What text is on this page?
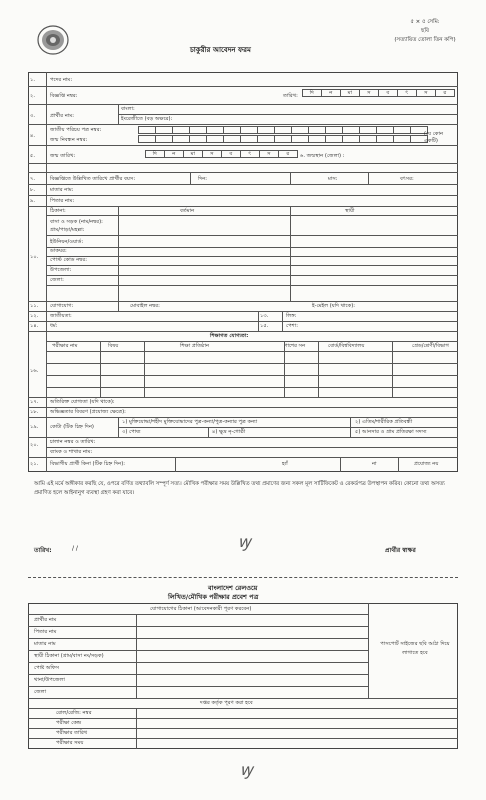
চাকুরীর আবেদন ফরম
৫ × ৫ সেমি:
ছবি
(সত্যায়িত তোলা তিন কপি)
১.	পদের নাম:
২.	বিজ্ঞপ্তি নম্বর:	তারিখ:	দি	ন	মা	স	ব	ৎ	স	র
৩.	প্রার্থীর নাম:
বাংলা:
ইংরেজীতে (বড় অক্ষরে):
৪.
জাতীয় পরিচয় পত্র নম্বর:
জন্ম নিবন্ধন নম্বর:
(যে কোন একটি)
৫.	জন্ম তারিখ:	দি	ন	মা	স	ব	ৎ	স	র	৬. জন্মস্থান (জেলা) :
৭.	বিজ্ঞপ্তিতে উল্লিখিত তারিখে প্রার্থীর বয়স:	দিন:	মাস:	বৎসর:
৮.	মাতার নাম:
৯.	পিতার নাম:
১০.
ঠিকানা:	বর্তমান	স্থায়ী
বাসা ও সড়ক (নাম/নম্বর):
গ্রাম/পাড়া/মহল্লা:
ইউনিয়ন/ওয়ার্ড:
ডাকঘর:
পোস্ট কোড নম্বর:
উপজেলা:
জেলা:
১১.	যোগাযোগ:	মোবাইল নম্বর:	ই-মেইল (যদি থাকে):
১২.	জাতীয়তা:	১৩.	লিঙ্গ:
১৪.	ধর্ম:	১৫.	পেশা:
শিক্ষাগত যোগ্যতা:
১৬.
পরীক্ষার নাম	বিষয়	শিক্ষা প্রতিষ্ঠান	পাশের সন	বোর্ড/বিশ্ববিদ্যালয়	গ্রেড/শ্রেণী/বিভাগ
১৭.	অতিরিক্ত যোগ্যতা (যদি থাকে):
১৮.	অভিজ্ঞতার বিবরণ (প্রযোজ্য ক্ষেত্রে):
১৯.	কোটা (টিক চিহ্ন দিন)
১) মুক্তিযোদ্ধা/শহীদ মুক্তিযোদ্ধাদের পুত্র-কন্যা/পুত্র-কন্যার পুত্র কন্যা	২) এতিম/শারীরিক প্রতিবন্ধী
৩) পোষ্য	৪) ক্ষুদ্র নৃ-গোষ্ঠী	৫) আনসার ও গ্রাম প্রতিরক্ষা সদস্য
২০.	চালান নম্বর ও তারিখ:
ব্যাংক ও শাখার নাম:
২১.	বিভাগীয় প্রার্থী কিনা (টিক চিহ্ন দিন):	হ্যাঁ	না	প্রযোজ্য নয়
আমি এই মর্মে অঙ্গীকার করছি যে, ওপরে বর্ণিত তথ্যাবলি সম্পূর্ণ সত্য। মৌখিক পরীক্ষার সময় উল্লিখিত তথ্য প্রমাণের জন্য সকল মূল সার্টিফিকেট ও রেকর্ডপত্র উপস্থাপন করিব। কোনো তথ্য অসত্য প্রমাণিত হলে আইনানুগ ব্যবস্থা গ্রহণ করা যাবে।
তারিখ:	/ /	ꝡ	প্রার্থীর স্বাক্ষর
বাংলাদেশ রেলওয়ে
লিখিত/মৌখিক পরীক্ষার প্রবেশ পত্র
যোগাযোগের ঠিকানা (আবেদনকারী পূরণ করবেন)
প্রার্থীর নাম
পিতার নাম
মাতার নাম
স্থায়ী ঠিকানা (গ্রাম/বাসা নং/সড়ক)
পোষ্ট অফিস
থানা/উপজেলা
জেলা
পাসপোর্ট সাইজের ছবি আঠা দিয়ে লাগাতে হবে
দপ্তর কর্তৃক পূরণ করা হবে
রোল/রেজি: নম্বর
পরীক্ষা কেন্দ্র
পরীক্ষার তারিখ
পরীক্ষার সময়
ꝡ
